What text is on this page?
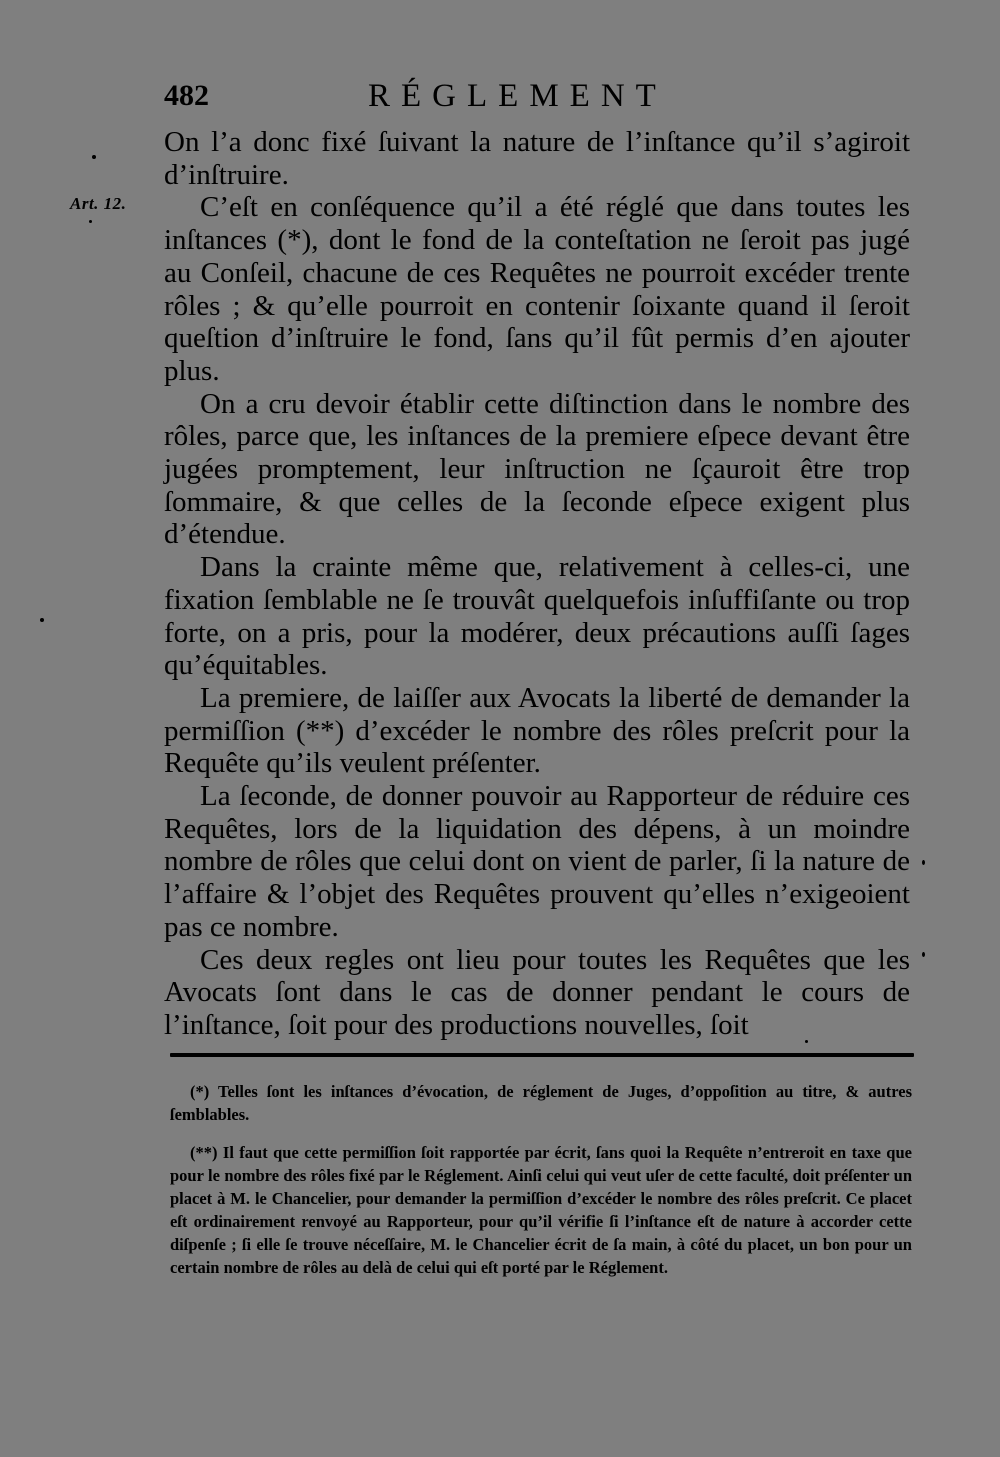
482	RÉGLEMENT
Art. 12.

On l’a donc fixé ſuivant la nature de l’inſtance qu’il s’agiroit d’inſtruire.

C’eſt en conſéquence qu’il a été réglé que dans toutes les inſtances (*), dont le fond de la conteſtation ne ſeroit pas jugé au Conſeil, chacune de ces Requêtes ne pourroit excéder trente rôles ; & qu’elle pourroit en contenir ſoixante quand il ſeroit queſtion d’inſtruire le fond, ſans qu’il fût permis d’en ajouter plus.

On a cru devoir établir cette diſtinction dans le nombre des rôles, parce que, les inſtances de la premiere eſpece devant être jugées promptement, leur inſtruction ne ſçauroit être trop ſommaire, & que celles de la ſeconde eſpece exigent plus d’étendue.

Dans la crainte même que, relativement à celles-ci, une fixation ſemblable ne ſe trouvât quelquefois inſuffiſante ou trop forte, on a pris, pour la modérer, deux précautions auſſi ſages qu’équitables.

La premiere, de laiſſer aux Avocats la liberté de demander la permiſſion (**) d’excéder le nombre des rôles preſcrit pour la Requête qu’ils veulent préſenter.

La ſeconde, de donner pouvoir au Rapporteur de réduire ces Requêtes, lors de la liquidation des dépens, à un moindre nombre de rôles que celui dont on vient de parler, ſi la nature de l’affaire & l’objet des Requêtes prouvent qu’elles n’exigeoient pas ce nombre.

Ces deux regles ont lieu pour toutes les Requêtes que les Avocats ſont dans le cas de donner pendant le cours de l’inſtance, ſoit pour des productions nouvelles, ſoit

(*) Telles ſont les inſtances d’évocation, de réglement de Juges, d’oppoſition au titre, & autres ſemblables.

(**) Il faut que cette permiſſion ſoit rapportée par écrit, ſans quoi la Requête n’entreroit en taxe que pour le nombre des rôles fixé par le Réglement. Ainſi celui qui veut uſer de cette faculté, doit préſenter un placet à M. le Chancelier, pour demander la permiſſion d’excéder le nombre des rôles preſcrit. Ce placet eſt ordinairement renvoyé au Rapporteur, pour qu’il vérifie ſi l’inſtance eſt de nature à accorder cette diſpenſe ; ſi elle ſe trouve néceſſaire, M. le Chancelier écrit de ſa main, à côté du placet, un bon pour un certain nombre de rôles au delà de celui qui eſt porté par le Réglement.
